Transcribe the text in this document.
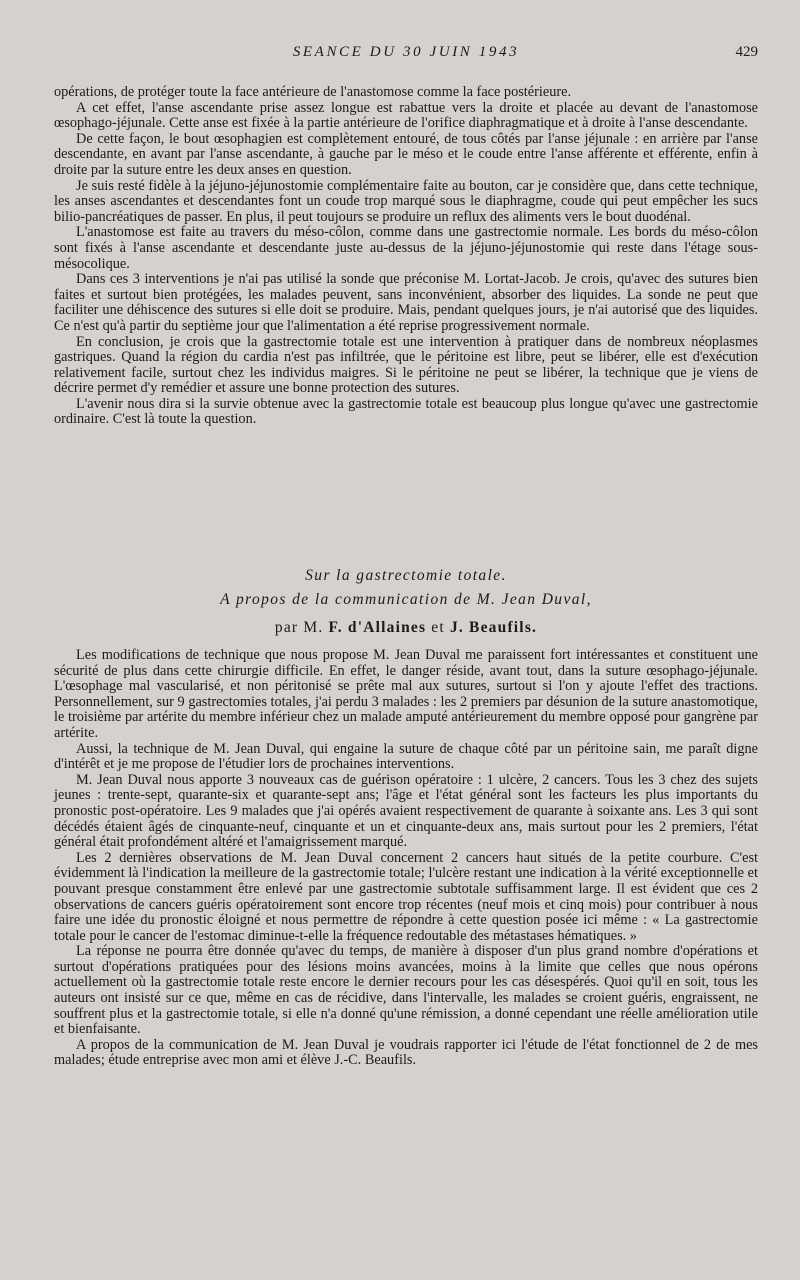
SEANCE DU 30 JUIN 1943	429

opérations, de protéger toute la face antérieure de l'anastomose comme la face postérieure.

A cet effet, l'anse ascendante prise assez longue est rabattue vers la droite et placée au devant de l'anastomose œsophago-jéjunale. Cette anse est fixée à la partie antérieure de l'orifice diaphragmatique et à droite à l'anse descendante.

De cette façon, le bout œsophagien est complètement entouré, de tous côtés par l'anse jéjunale : en arrière par l'anse descendante, en avant par l'anse ascendante, à gauche par le méso et le coude entre l'anse afférente et efférente, enfin à droite par la suture entre les deux anses en question.

Je suis resté fidèle à la jéjuno-jéjunostomie complémentaire faite au bouton, car je considère que, dans cette technique, les anses ascendantes et descendantes font un coude trop marqué sous le diaphragme, coude qui peut empêcher les sucs bilio-pancréatiques de passer. En plus, il peut toujours se produire un reflux des aliments vers le bout duodénal.

L'anastomose est faite au travers du méso-côlon, comme dans une gastrectomie normale. Les bords du méso-côlon sont fixés à l'anse ascendante et descendante juste au-dessus de la jéjuno-jéjunostomie qui reste dans l'étage sous-mésocolique.

Dans ces 3 interventions je n'ai pas utilisé la sonde que préconise M. Lortat-Jacob. Je crois, qu'avec des sutures bien faites et surtout bien protégées, les malades peuvent, sans inconvénient, absorber des liquides. La sonde ne peut que faciliter une déhiscence des sutures si elle doit se produire. Mais, pendant quelques jours, je n'ai autorisé que des liquides. Ce n'est qu'à partir du septième jour que l'alimentation a été reprise progressivement normale.

En conclusion, je crois que la gastrectomie totale est une intervention à pratiquer dans de nombreux néoplasmes gastriques. Quand la région du cardia n'est pas infiltrée, que le péritoine est libre, peut se libérer, elle est d'exécution relativement facile, surtout chez les individus maigres. Si le péritoine ne peut se libérer, la technique que je viens de décrire permet d'y remédier et assure une bonne protection des sutures.

L'avenir nous dira si la survie obtenue avec la gastrectomie totale est beaucoup plus longue qu'avec une gastrectomie ordinaire. C'est là toute la question.

Sur la gastrectomie totale.
A propos de la communication de M. Jean Duval,
par M. F. d'Allaines et J. Beaufils.

Les modifications de technique que nous propose M. Jean Duval me paraissent fort intéressantes et constituent une sécurité de plus dans cette chirurgie difficile. En effet, le danger réside, avant tout, dans la suture œsophago-jéjunale. L'œsophage mal vascularisé, et non péritonisé se prête mal aux sutures, surtout si l'on y ajoute l'effet des tractions. Personnellement, sur 9 gastrectomies totales, j'ai perdu 3 malades : les 2 premiers par désunion de la suture anastomotique, le troisième par artérite du membre inférieur chez un malade amputé antérieurement du membre opposé pour gangrène par artérite.

Aussi, la technique de M. Jean Duval, qui engaine la suture de chaque côté par un péritoine sain, me paraît digne d'intérêt et je me propose de l'étudier lors de prochaines interventions.

M. Jean Duval nous apporte 3 nouveaux cas de guérison opératoire : 1 ulcère, 2 cancers. Tous les 3 chez des sujets jeunes : trente-sept, quarante-six et quarante-sept ans; l'âge et l'état général sont les facteurs les plus importants du pronostic post-opératoire. Les 9 malades que j'ai opérés avaient respectivement de quarante à soixante ans. Les 3 qui sont décédés étaient âgés de cinquante-neuf, cinquante et un et cinquante-deux ans, mais surtout pour les 2 premiers, l'état général était profondément altéré et l'amaigrissement marqué.

Les 2 dernières observations de M. Jean Duval concernent 2 cancers haut situés de la petite courbure. C'est évidemment là l'indication la meilleure de la gastrectomie totale; l'ulcère restant une indication à la vérité exceptionnelle et pouvant presque constamment être enlevé par une gastrectomie subtotale suffisamment large. Il est évident que ces 2 observations de cancers guéris opératoirement sont encore trop récentes (neuf mois et cinq mois) pour contribuer à nous faire une idée du pronostic éloigné et nous permettre de répondre à cette question posée ici même : « La gastrectomie totale pour le cancer de l'estomac diminue-t-elle la fréquence redoutable des métastases hématiques. »

La réponse ne pourra être donnée qu'avec du temps, de manière à disposer d'un plus grand nombre d'opérations et surtout d'opérations pratiquées pour des lésions moins avancées, moins à la limite que celles que nous opérons actuellement où la gastrectomie totale reste encore le dernier recours pour les cas désespérés. Quoi qu'il en soit, tous les auteurs ont insisté sur ce que, même en cas de récidive, dans l'intervalle, les malades se croient guéris, engraissent, ne souffrent plus et la gastrectomie totale, si elle n'a donné qu'une rémission, a donné cependant une réelle amélioration utile et bienfaisante.

A propos de la communication de M. Jean Duval je voudrais rapporter ici l'étude de l'état fonctionnel de 2 de mes malades; étude entreprise avec mon ami et élève J.-C. Beaufils.
